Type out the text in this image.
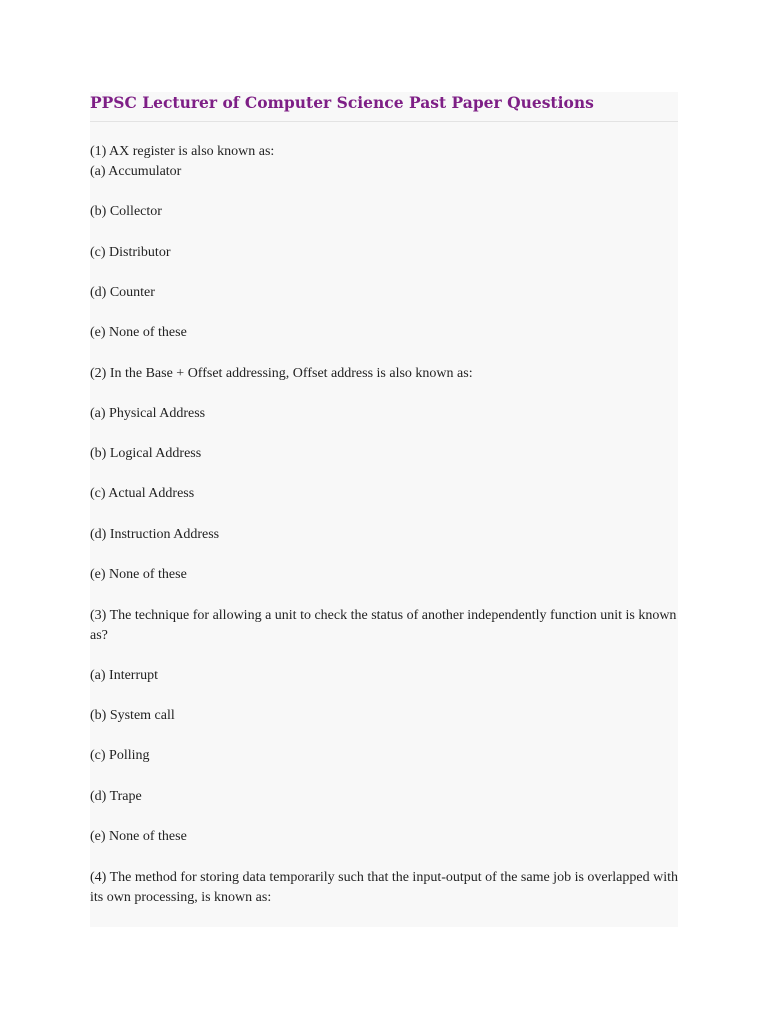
PPSC Lecturer of Computer Science Past Paper Questions
(1) AX register is also known as:
(a) Accumulator
(b) Collector
(c) Distributor
(d) Counter
(e) None of these
(2) In the Base + Offset addressing, Offset address is also known as:
(a) Physical Address
(b) Logical Address
(c) Actual Address
(d) Instruction Address
(e) None of these
(3) The technique for allowing a unit to check the status of another independently function unit is known
as?
(a) Interrupt
(b) System call
(c) Polling
(d) Trape
(e) None of these
(4) The method for storing data temporarily such that the input-output of the same job is overlapped with
its own processing, is known as:
